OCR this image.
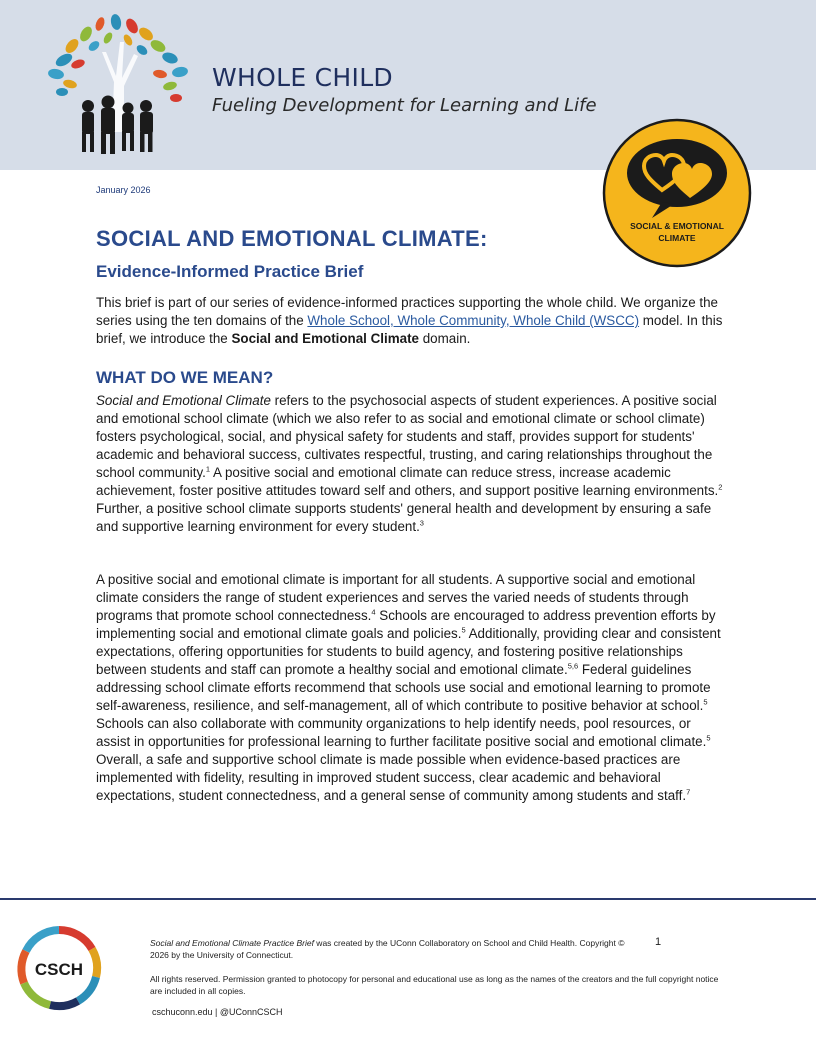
WHOLE CHILD
Fueling Development for Learning and Life
SOCIAL & EMOTIONAL
CLIMATE
January 2026
SOCIAL AND EMOTIONAL CLIMATE:
Evidence-Informed Practice Brief

This brief is part of our series of evidence-informed practices supporting the whole child. We organize the series using the ten domains of the Whole School, Whole Community, Whole Child (WSCC) model. In this brief, we introduce the Social and Emotional Climate domain.

WHAT DO WE MEAN?

Social and Emotional Climate refers to the psychosocial aspects of student experiences. A positive social and emotional school climate (which we also refer to as social and emotional climate or school climate) fosters psychological, social, and physical safety for students and staff, provides support for students' academic and behavioral success, cultivates respectful, trusting, and caring relationships throughout the school community.$^1$ A positive social and emotional climate can reduce stress, increase academic achievement, foster positive attitudes toward self and others, and support positive learning environments.$^2$ Further, a positive school climate supports students' general health and development by ensuring a safe and supportive learning environment for every student.$^3$

A positive social and emotional climate is important for all students. A supportive social and emotional climate considers the range of student experiences and serves the varied needs of students through programs that promote school connectedness.$^4$ Schools are encouraged to address prevention efforts by implementing social and emotional climate goals and policies.$^5$ Additionally, providing clear and consistent expectations, offering opportunities for students to build agency, and fostering positive relationships between students and staff can promote a healthy social and emotional climate.$^{5,6}$ Federal guidelines addressing school climate efforts recommend that schools use social and emotional learning to promote self-awareness, resilience, and self-management, all of which contribute to positive behavior at school.$^5$ Schools can also collaborate with community organizations to help identify needs, pool resources, or assist in opportunities for professional learning to further facilitate positive social and emotional climate.$^5$ Overall, a safe and supportive school climate is made possible when evidence-based practices are implemented with fidelity, resulting in improved student success, clear academic and behavioral expectations, student connectedness, and a general sense of community among students and staff.$^7$

CSCH

Social and Emotional Climate Practice Brief was created by the UConn Collaboratory on School and Child Health. Copyright © 2026 by the University of Connecticut.

1

All rights reserved. Permission granted to photocopy for personal and educational use as long as the names of the creators and the full copyright notice are included in all copies.

cschuconn.edu | @UConnCSCH
